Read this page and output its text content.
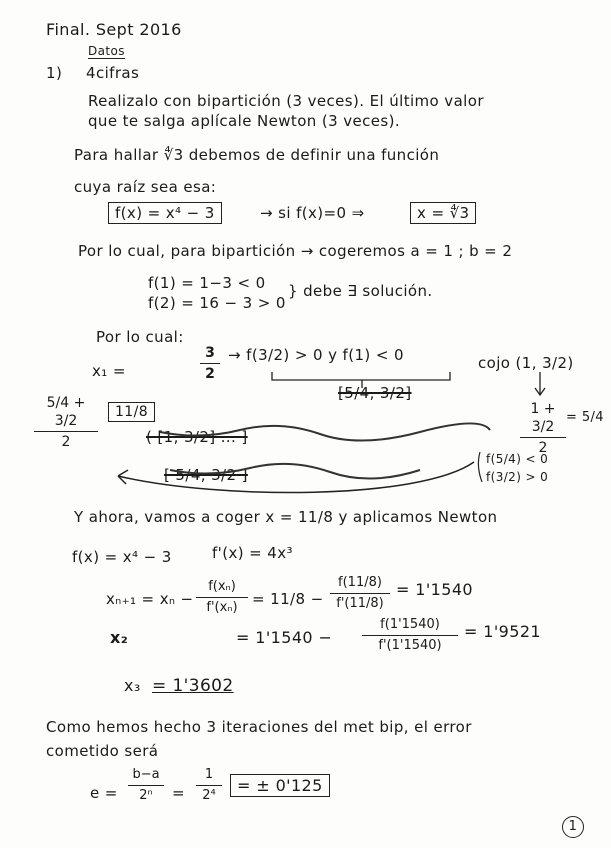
Final. Sept 2016
Datos
1) 4cifras
Realizalo con bipartición (3 veces). El último valor
que te salga aplícale Newton (3 veces).
Para hallar ∜3 debemos de definir una función
cuya raíz sea esa:
f(x) = x⁴ − 3	→ si f(x)=0 ⇒	x = ∜3
Por lo cual, para bipartición → cogeremos a = 1 ; b = 2
f(1) = 1−3 < 0
f(2) = 16 − 3 > 0
} debe ∃ solución.
Por lo cual:
x₁ =
3
2
→ f(3/2) > 0 y f(1) < 0	cojo (1, 3/2)
[5/4, 3/2]
5/4 + 3/2
2
11/8	1 + 3/2
2
= 5/4
( [1, 3/2] ... ]
[ 5/4, 3/2 ]
f(5/4) < 0
f(3/2) > 0
Y ahora, vamos a coger x = 11/8 y aplicamos Newton
f(x) = x⁴ − 3	f'(x) = 4x³
xₙ₊₁ = xₙ −
f(xₙ)
f'(xₙ) = 11/8 −
f(11/8)
f'(11/8)
= 1'1540
x₂	= 1'1540 −
f(1'1540)
f'(1'1540)
= 1'9521
x₃ = 1'3602
Como hemos hecho 3 iteraciones del met bip, el error
cometido será
e =
b−a
2ⁿ	=
1
2⁴
= ± 0'125
1
